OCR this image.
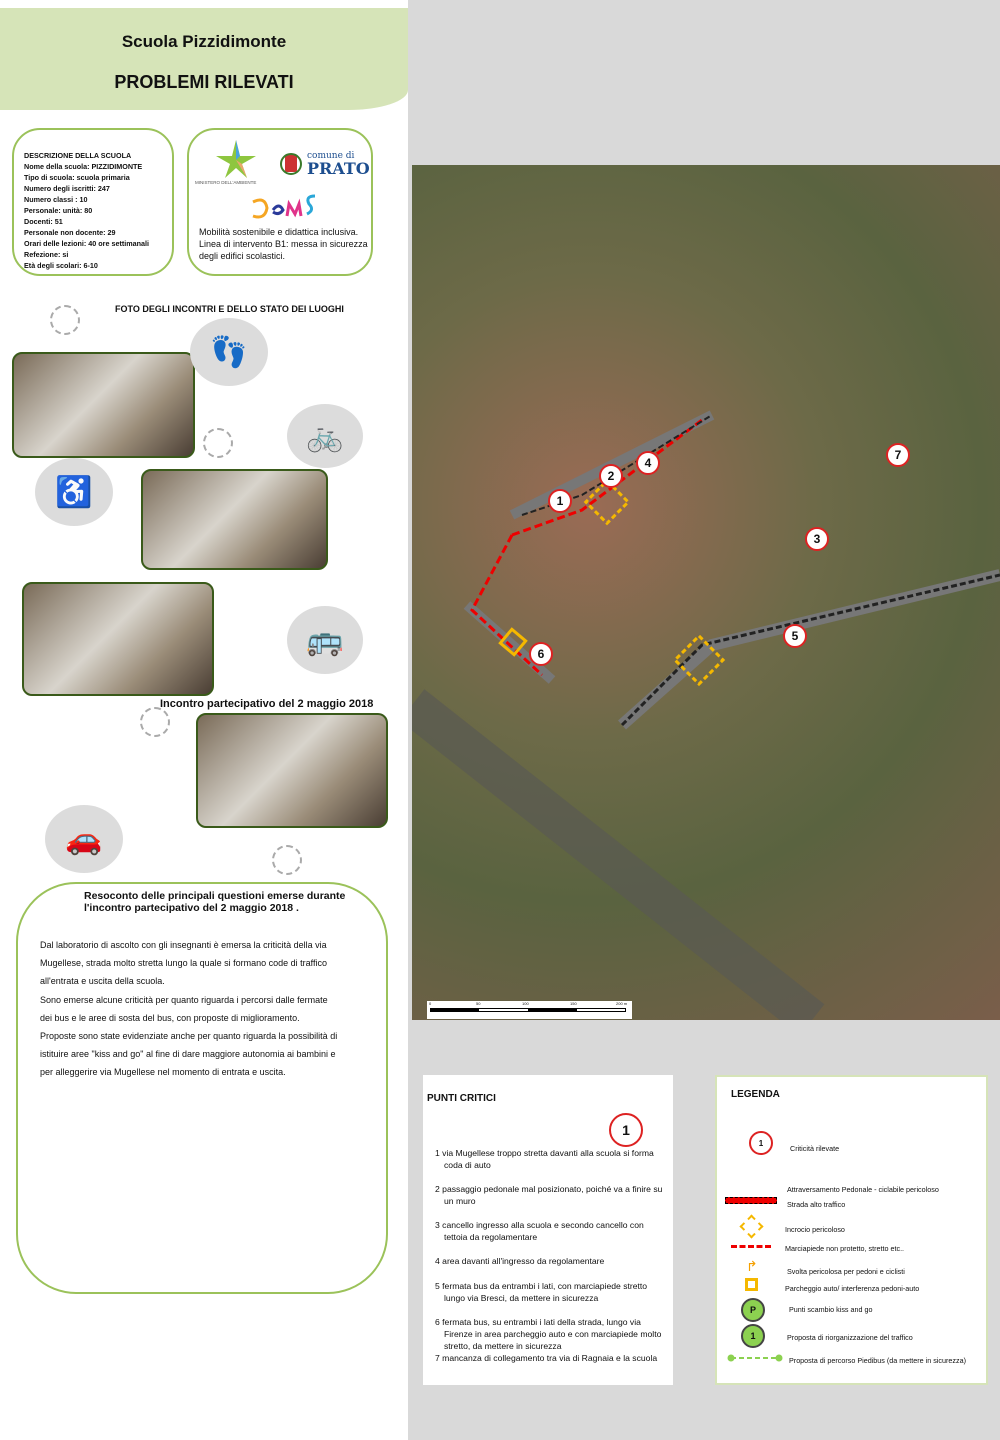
Scuola Pizzidimonte
PROBLEMI RILEVATI
DESCRIZIONE DELLA SCUOLA
Nome della scuola: PIZZIDIMONTE
Tipo di scuola: scuola primaria
Numero degli iscritti: 247
Numero classi : 10
Personale: unità: 80
Docenti: 51
Personale non docente: 29
Orari delle lezioni: 40 ore settimanali
Refezione: si
Età degli scolari: 6-10
MINISTERO DELL'AMBIENTE
comune di
PRATO
Mobilità sostenibile e didattica inclusiva. Linea di intervento B1: messa in sicurezza degli edifici scolastici.
FOTO DEGLI INCONTRI E DELLO STATO DEI LUOGHI
👣
🚲
♿
🚌
🚗
Incontro partecipativo del 2 maggio 2018
Resoconto delle principali questioni emerse durante l'incontro partecipativo del 2 maggio 2018 .

Dal laboratorio di ascolto con gli insegnanti è emersa la criticità della via Mugellese, strada molto stretta lungo la quale si formano code di traffico all'entrata e uscita della scuola.

Sono emerse alcune criticità per quanto riguarda i percorsi dalle fermate dei bus e le aree di sosta del bus, con proposte di miglioramento.

Proposte sono state evidenziate anche per quanto riguarda la possibilità di istituire aree "kiss and go" al fine di dare maggiore autonomia ai bambini e per alleggerire via Mugellese nel momento di entrata e uscita.

0	50	100	150	200 m
1
2
4
7
3
5
6
PUNTI CRITICI
1
1 via Mugellese troppo stretta davanti alla scuola si forma coda di auto
2 passaggio pedonale mal posizionato, poiché va a finire su un muro
3 cancello ingresso alla scuola e secondo cancello con tettoia da regolamentare
4 area davanti all'ingresso da regolamentare
5 fermata bus da entrambi i lati, con marciapiede stretto lungo via Bresci, da mettere in sicurezza
6 fermata bus, su entrambi i lati della strada, lungo via Firenze in area parcheggio auto e con marciapiede molto stretto, da mettere in sicurezza
7 mancanza di collegamento tra via di Ragnaia e la scuola
LEGENDA
1
Criticità rilevate
Attraversamento Pedonale - ciclabile pericoloso
Strada alto traffico
Incrocio pericoloso
Marciapiede non protetto, stretto etc..
↱	Svolta pericolosa per pedoni e ciclisti
Parcheggio auto/ interferenza pedoni-auto
P	Punti scambio kiss and go
1	Proposta di riorganizzazione del traffico
Proposta di percorso Piedibus (da mettere in sicurezza)
